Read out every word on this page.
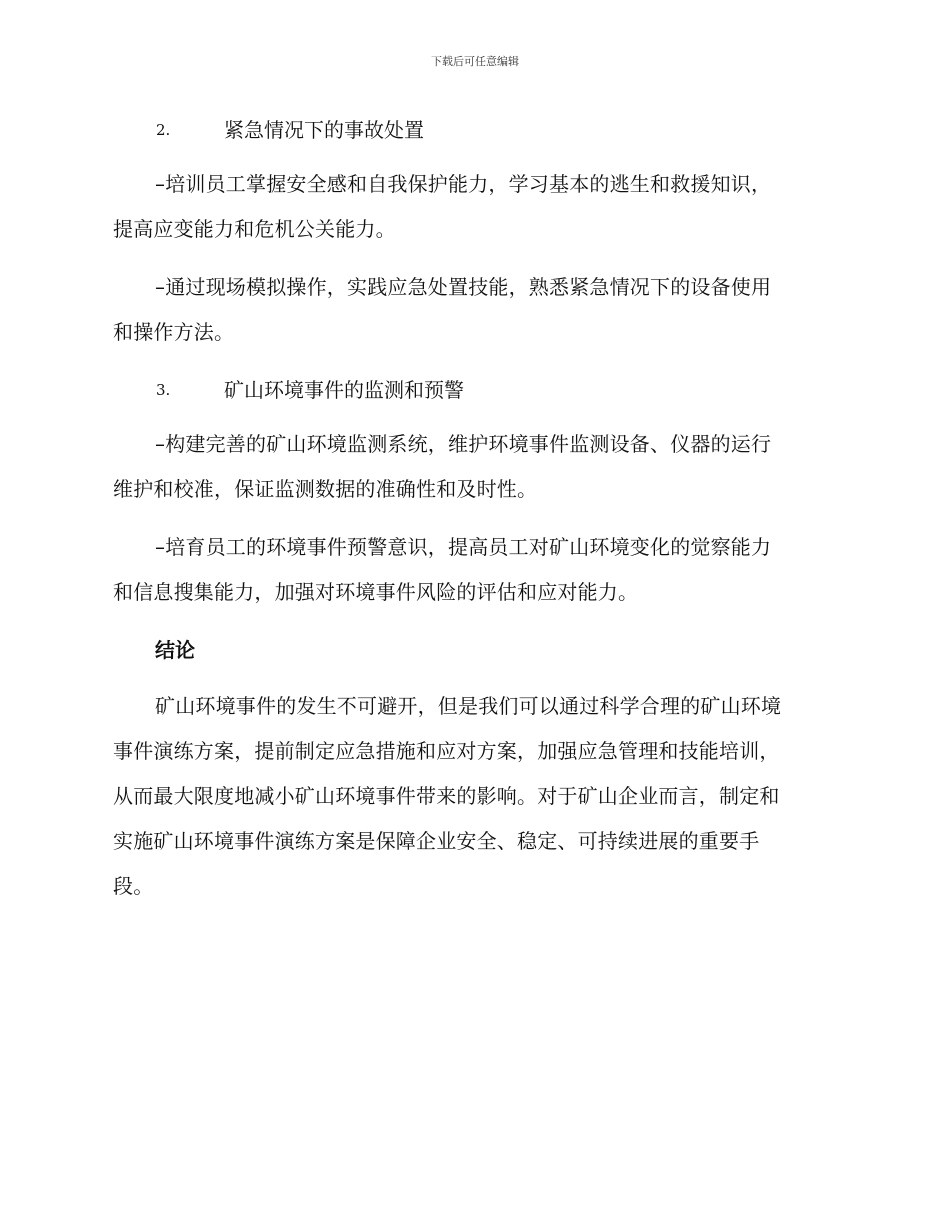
下载后可任意编辑
2.	紧急情况下的事故处置

–培训员工掌握安全感和自我保护能力，学习基本的逃生和救援知识，
提高应变能力和危机公关能力。

–通过现场模拟操作，实践应急处置技能，熟悉紧急情况下的设备使用
和操作方法。

3.	矿山环境事件的监测和预警

–构建完善的矿山环境监测系统，维护环境事件监测设备、仪器的运行
维护和校准，保证监测数据的准确性和及时性。

–培育员工的环境事件预警意识，提高员工对矿山环境变化的觉察能力
和信息搜集能力，加强对环境事件风险的评估和应对能力。

结论

矿山环境事件的发生不可避开，但是我们可以通过科学合理的矿山环境
事件演练方案，提前制定应急措施和应对方案，加强应急管理和技能培训，
从而最大限度地减小矿山环境事件带来的影响。对于矿山企业而言，制定和
实施矿山环境事件演练方案是保障企业安全、稳定、可持续进展的重要手
段。
